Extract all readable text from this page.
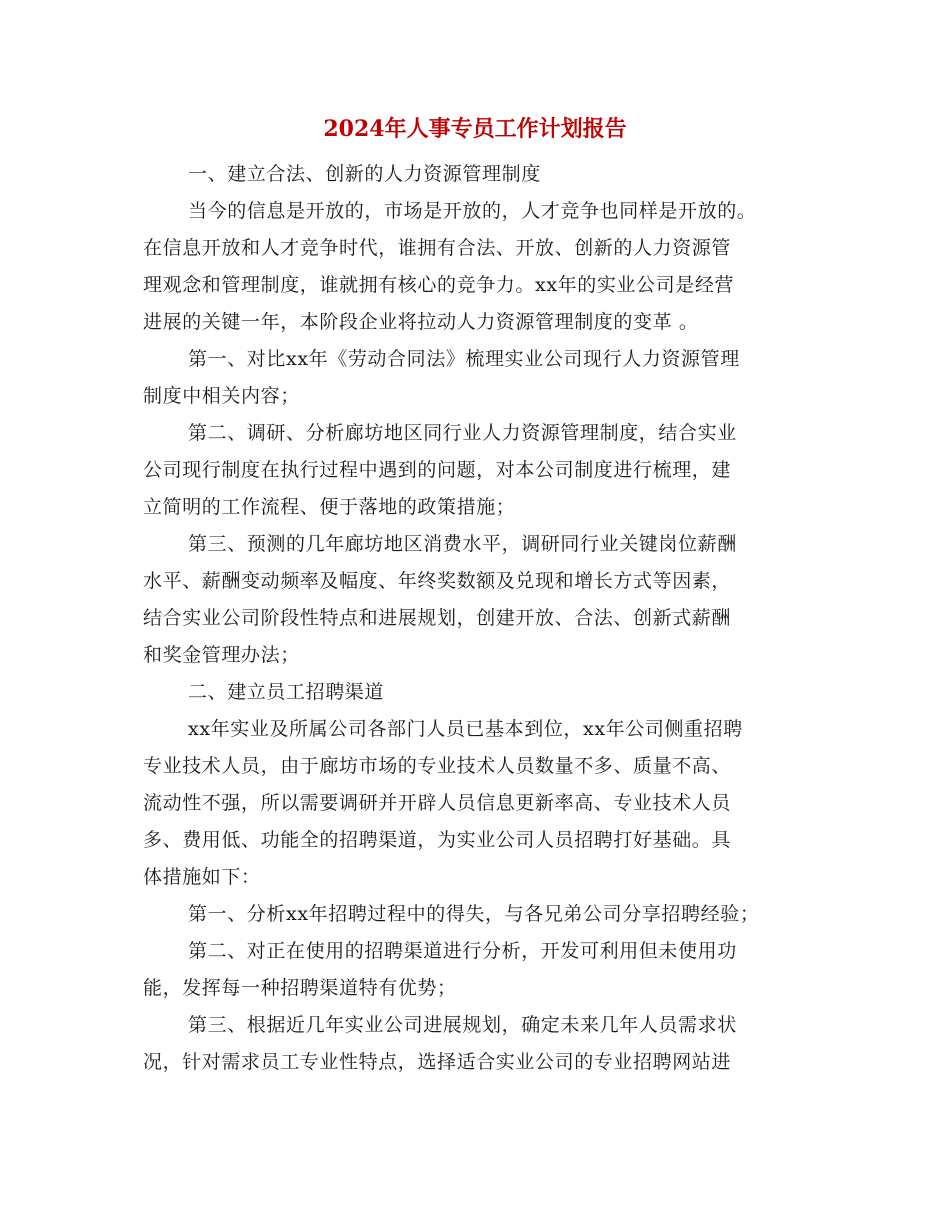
2024年人事专员工作计划报告

一、建立合法、创新的人力资源管理制度

当今的信息是开放的，市场是开放的，人才竞争也同样是开放的。

在信息开放和人才竞争时代，谁拥有合法、开放、创新的人力资源管

理观念和管理制度，谁就拥有核心的竞争力。xx年的实业公司是经营

进展的关键一年，本阶段企业将拉动人力资源管理制度的变革 。

第一、对比xx年《劳动合同法》梳理实业公司现行人力资源管理

制度中相关内容；

第二、调研、分析廊坊地区同行业人力资源管理制度，结合实业

公司现行制度在执行过程中遇到的问题，对本公司制度进行梳理，建

立简明的工作流程、便于落地的政策措施；

第三、预测的几年廊坊地区消费水平，调研同行业关键岗位薪酬

水平、薪酬变动频率及幅度、年终奖数额及兑现和增长方式等因素，

结合实业公司阶段性特点和进展规划，创建开放、合法、创新式薪酬

和奖金管理办法；

二、建立员工招聘渠道

xx年实业及所属公司各部门人员已基本到位，xx年公司侧重招聘

专业技术人员，由于廊坊市场的专业技术人员数量不多、质量不高、

流动性不强，所以需要调研并开辟人员信息更新率高、专业技术人员

多、费用低、功能全的招聘渠道，为实业公司人员招聘打好基础。具

体措施如下：

第一、分析xx年招聘过程中的得失，与各兄弟公司分享招聘经验；

第二、对正在使用的招聘渠道进行分析，开发可利用但未使用功

能，发挥每一种招聘渠道特有优势；

第三、根据近几年实业公司进展规划，确定未来几年人员需求状

况，针对需求员工专业性特点，选择适合实业公司的专业招聘网站进
